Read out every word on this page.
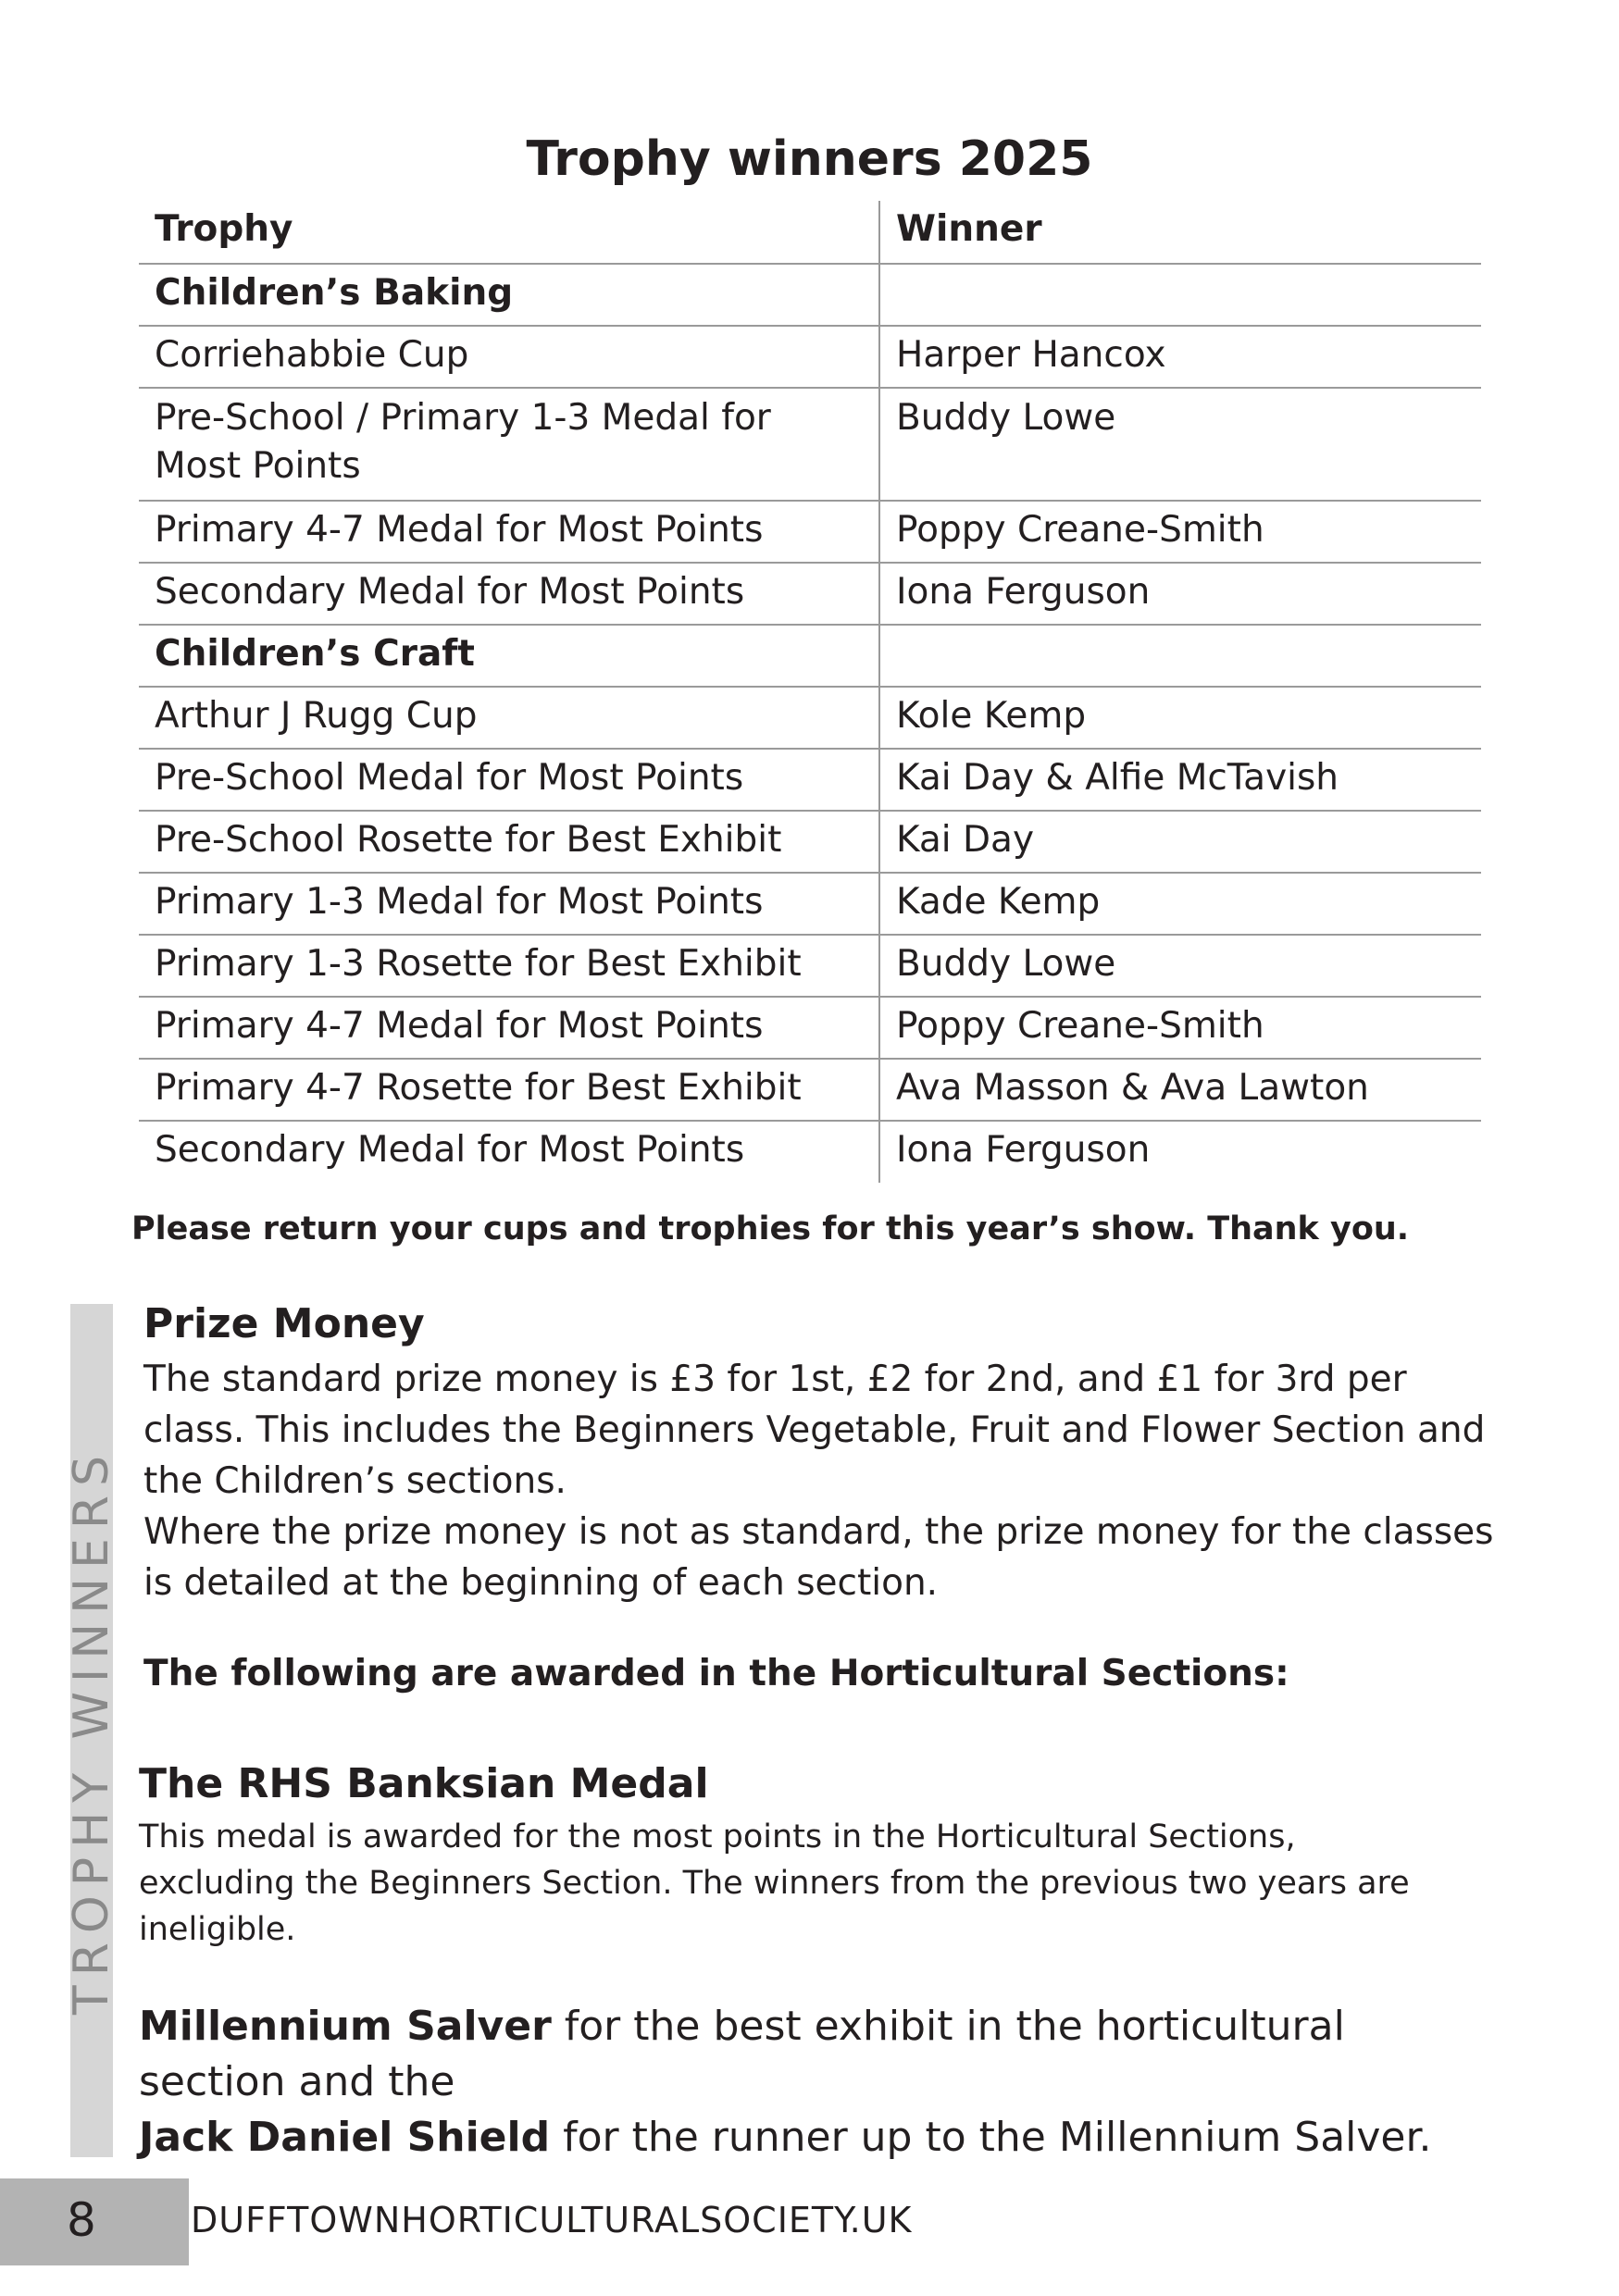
Trophy winners 2025
Trophy	Winner
Children’s Baking	
Corriehabbie Cup	Harper Hancox
Pre-School / Primary 1-3 Medal for Most Points	Buddy Lowe
Primary 4-7 Medal for Most Points	Poppy Creane-Smith
Secondary Medal for Most Points	Iona Ferguson
Children’s Craft	
Arthur J Rugg Cup	Kole Kemp
Pre-School Medal for Most Points	Kai Day & Alfie McTavish
Pre-School Rosette for Best Exhibit	Kai Day
Primary 1-3 Medal for Most Points	Kade Kemp
Primary 1-3 Rosette for Best Exhibit	Buddy Lowe
Primary 4-7 Medal for Most Points	Poppy Creane-Smith
Primary 4-7 Rosette for Best Exhibit	Ava Masson & Ava Lawton
Secondary Medal for Most Points	Iona Ferguson
Please return your cups and trophies for this year’s show. Thank you.
TROPHY WINNERS
Prize Money
The standard prize money is £3 for 1st, £2 for 2nd, and £1 for 3rd per class. This includes the Beginners Vegetable, Fruit and Flower Section and the Children’s sections.
Where the prize money is not as standard, the prize money for the classes is detailed at the beginning of each section.
The following are awarded in the Horticultural Sections:
The RHS Banksian Medal
This medal is awarded for the most points in the Horticultural Sections, excluding the Beginners Section. The winners from the previous two years are ineligible.
Millennium Salver for the best exhibit in the horticultural section and the
Jack Daniel Shield for the runner up to the Millennium Salver.
8	DUFFTOWNHORTICULTURALSOCIETY.UK
